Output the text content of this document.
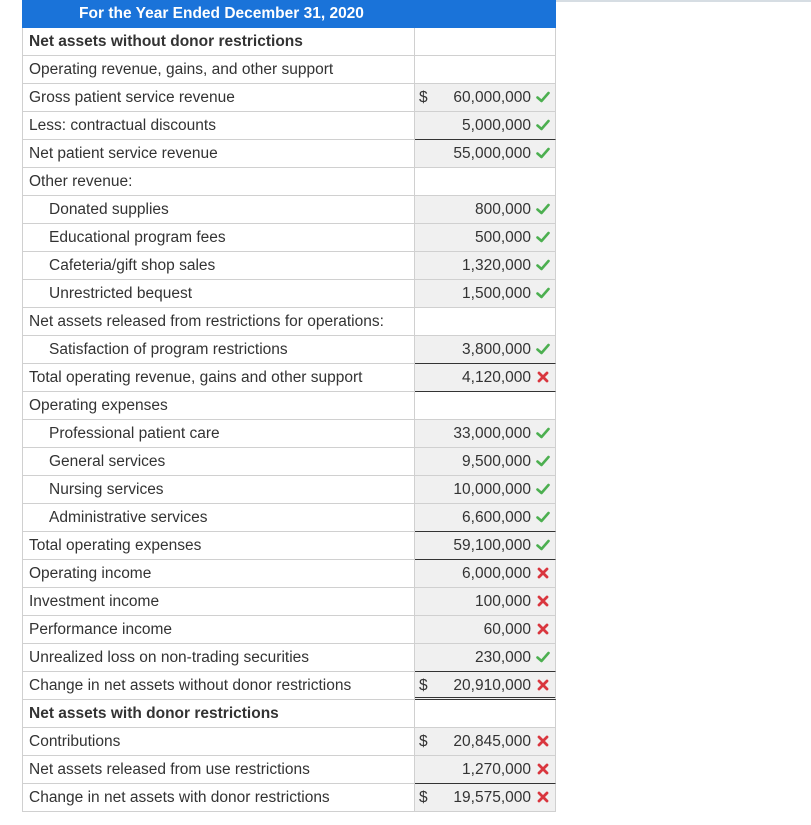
For the Year Ended December 31, 2020
Net assets without donor restrictions
Operating revenue, gains, and other support
Gross patient service revenue	$ 60,000,000
Less: contractual discounts	5,000,000
Net patient service revenue	55,000,000
Other revenue:
Donated supplies	800,000
Educational program fees	500,000
Cafeteria/gift shop sales	1,320,000
Unrestricted bequest	1,500,000
Net assets released from restrictions for operations:
Satisfaction of program restrictions	3,800,000
Total operating revenue, gains and other support	4,120,000
Operating expenses
Professional patient care	33,000,000
General services	9,500,000
Nursing services	10,000,000
Administrative services	6,600,000
Total operating expenses	59,100,000
Operating income	6,000,000
Investment income	100,000
Performance income	60,000
Unrealized loss on non-trading securities	230,000
Change in net assets without donor restrictions	$ 20,910,000
Net assets with donor restrictions
Contributions	$ 20,845,000
Net assets released from use restrictions	1,270,000
Change in net assets with donor restrictions	$ 19,575,000
